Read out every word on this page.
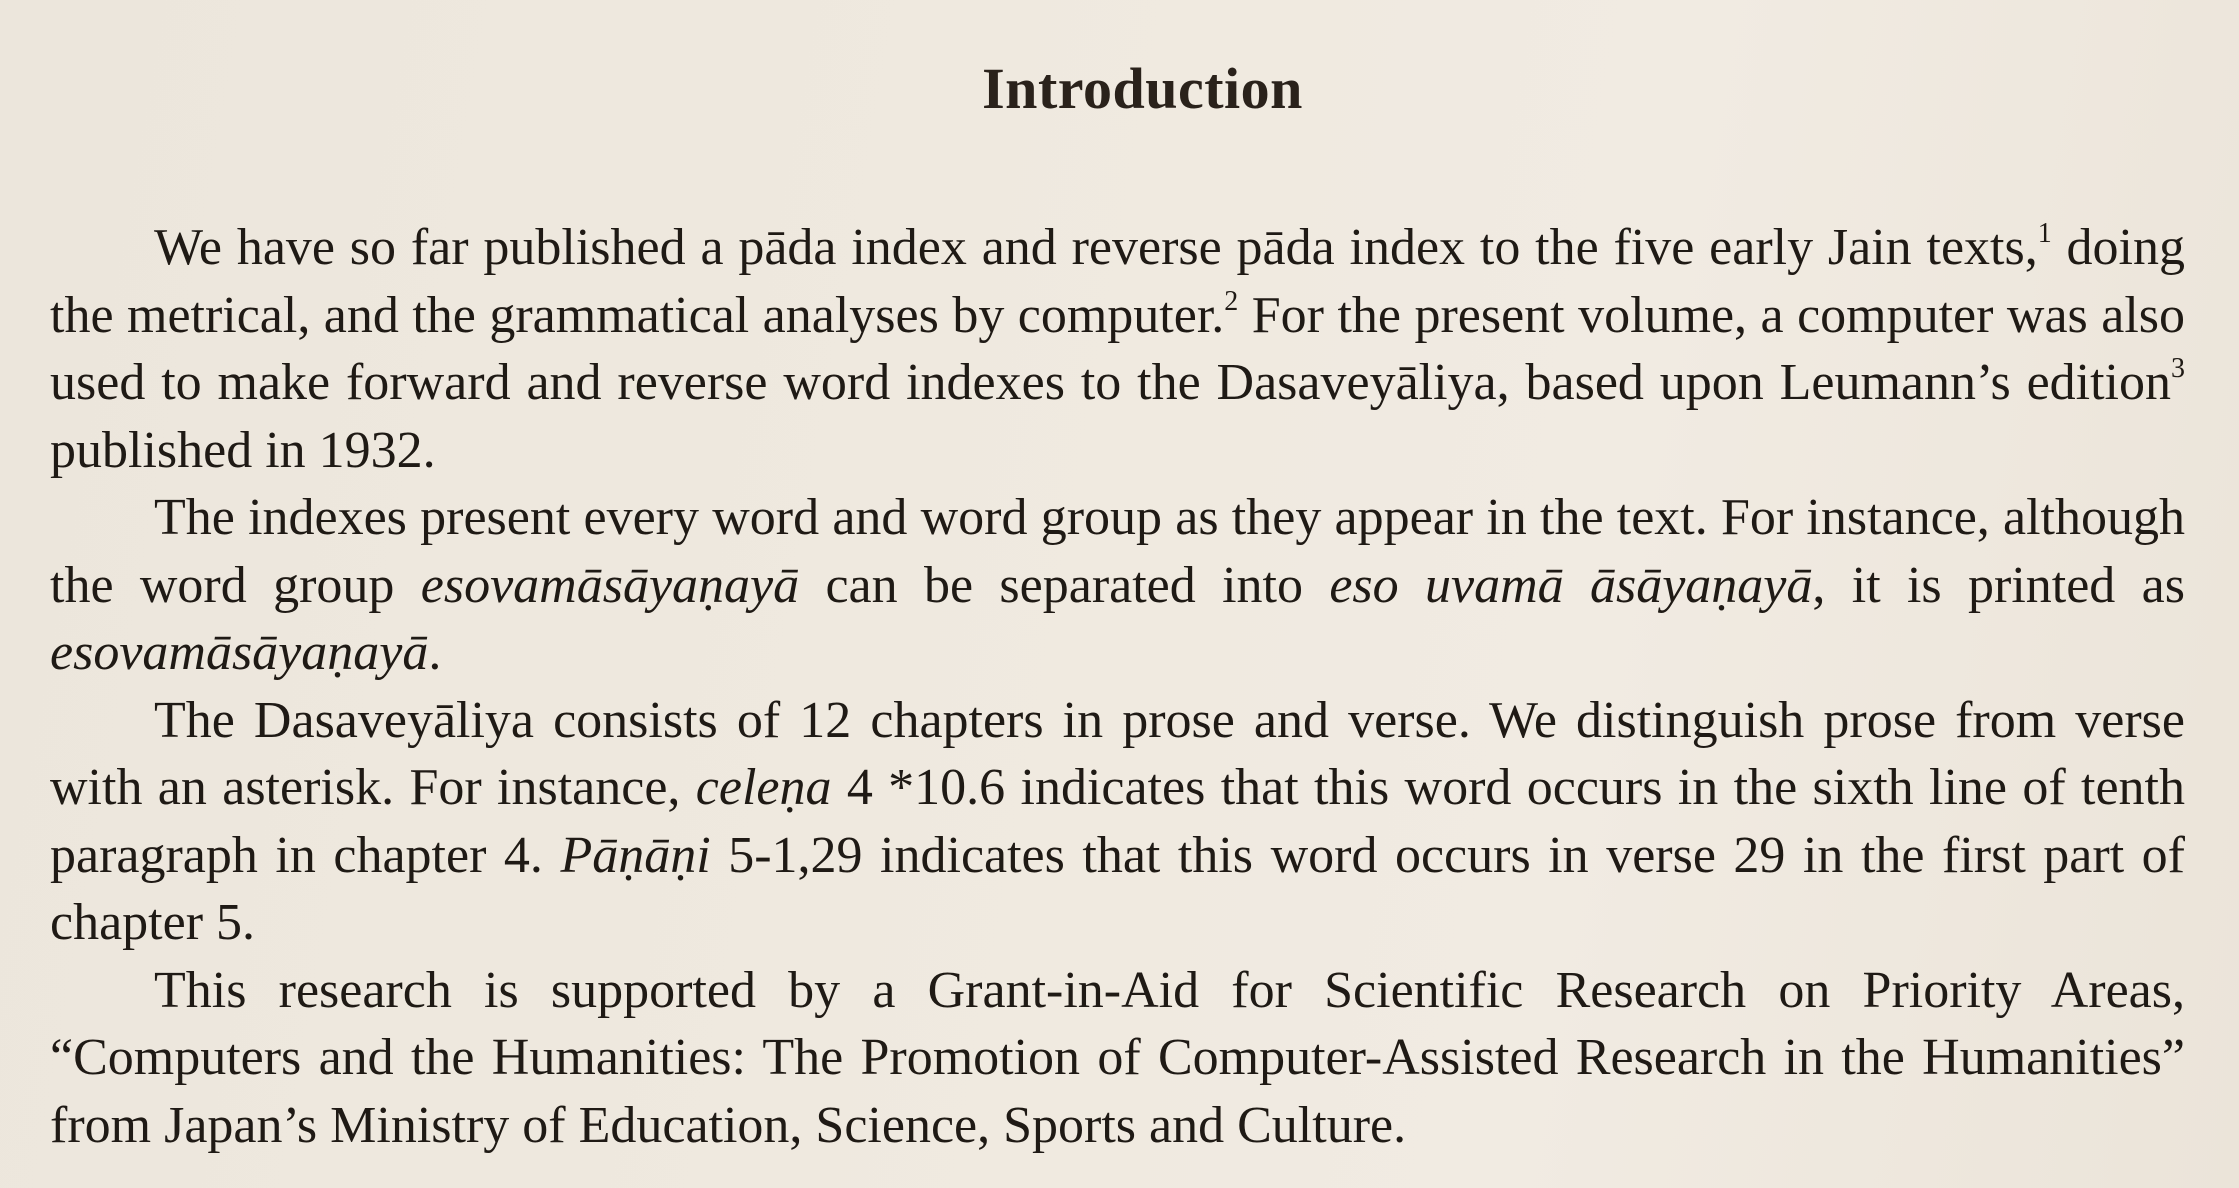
Introduction

We have so far published a pāda index and reverse pāda index to the five early Jain texts,$^1$ doing the metrical, and the grammatical analyses by computer.$^2$ For the present volume, a computer was also used to make forward and reverse word indexes to the Dasaveyāliya, based upon Leumann’s edition$^3$ published in 1932.

The indexes present every word and word group as they appear in the text. For instance, although the word group esovamāsāyaṇayā can be separated into eso uvamā āsāyaṇayā, it is printed as esovamāsāyaṇayā.

The Dasaveyāliya consists of 12 chapters in prose and verse. We distinguish prose from verse with an asterisk. For instance, celeṇa 4 *10.6 indicates that this word occurs in the sixth line of tenth paragraph in chapter 4. Pāṇāṇi 5-1,29 indicates that this word occurs in verse 29 in the first part of chapter 5.

This research is supported by a Grant-in-Aid for Scientific Research on Priority Areas, “Computers and the Humanities: The Promotion of Computer-Assisted Research in the Humanities” from Japan’s Ministry of Education, Science, Sports and Culture.
